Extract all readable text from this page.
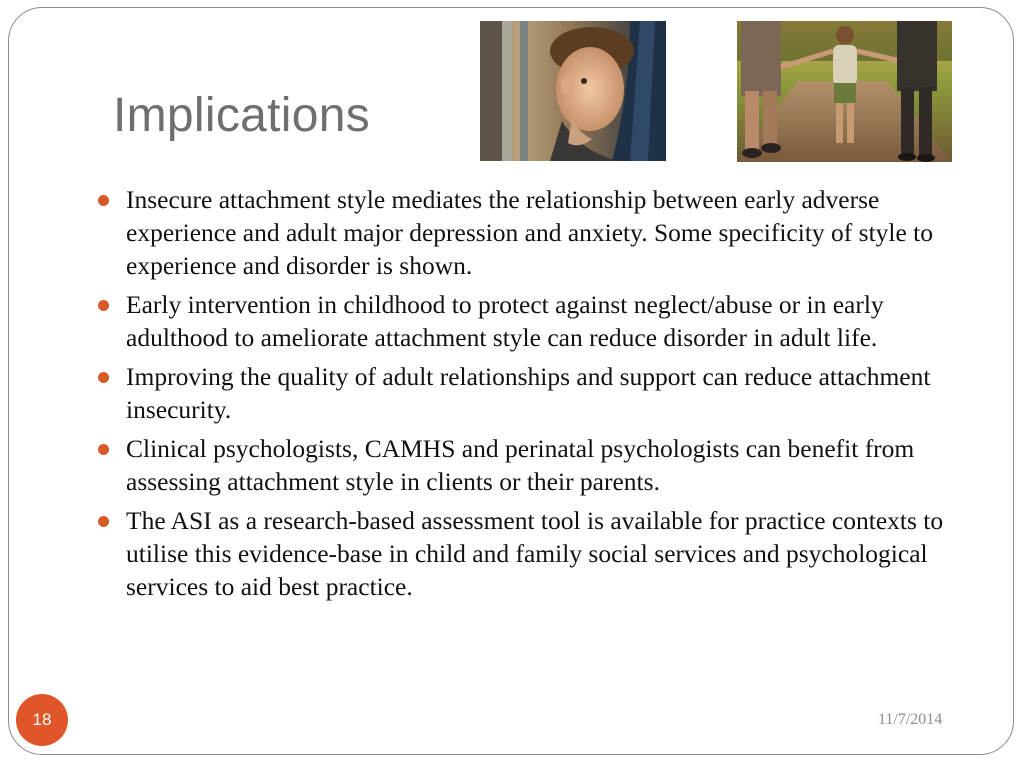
Implications
Insecure attachment style mediates the relationship between early adverse experience and adult major depression and anxiety. Some specificity of style to experience and disorder is shown.
Early intervention in childhood to protect against neglect/abuse or in early adulthood to ameliorate attachment style can reduce disorder in adult life.
Improving the quality of adult relationships and support can reduce attachment insecurity.
Clinical psychologists, CAMHS and perinatal psychologists can benefit from assessing attachment style in clients or their parents.
The ASI as a research-based assessment tool is available for practice contexts to utilise this evidence-base in child and family social services and psychological services to aid best practice.
18	11/7/2014
